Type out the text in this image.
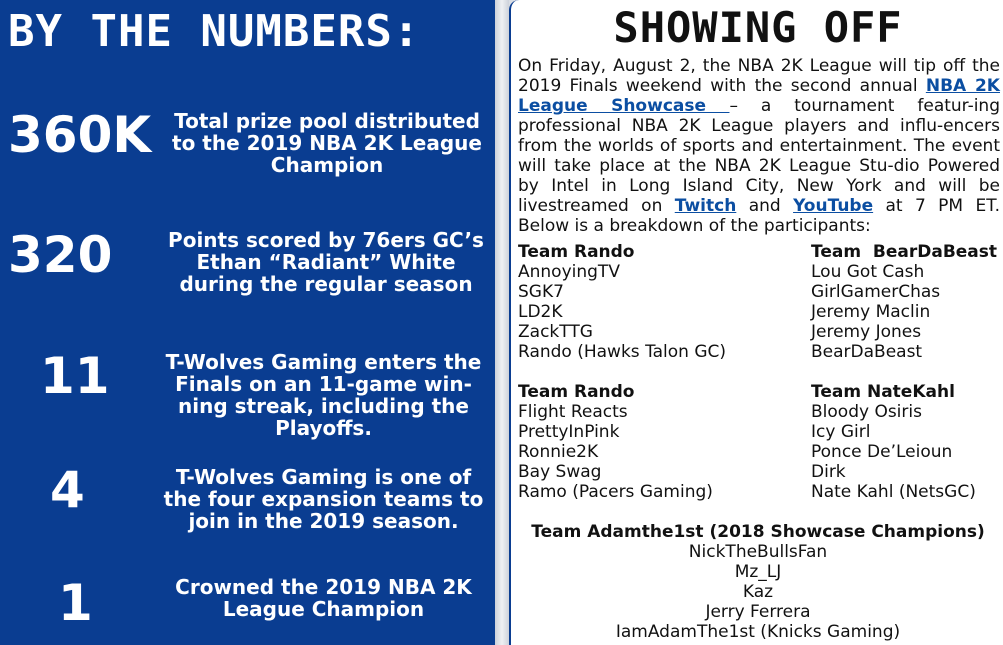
BY THE NUMBERS:
360K	Total prize pool distributed to the 2019 NBA 2K League Champion
320	Points scored by 76ers GC’s Ethan “Radiant” White during the regular season
11	T-Wolves Gaming enters the Finals on an 11-game win-ning streak, including the Playoffs.
4	T-Wolves Gaming is one of the four expansion teams to join in the 2019 season.
1	Crowned the 2019 NBA 2K League Champion
SHOWING OFF
On Friday, August 2, the NBA 2K League will tip off the 2019 Finals weekend with the second annual NBA 2K League Showcase – a tournament featur-ing professional NBA 2K League players and influ-encers from the worlds of sports and entertainment. The event will take place at the NBA 2K League Stu-dio Powered by Intel in Long Island City, New York and will be livestreamed on Twitch and YouTube at 7 PM ET. Below is a breakdown of the participants:
Team Rando
AnnoyingTV
SGK7
LD2K
ZackTTG
Rando (Hawks Talon GC)
Team  BearDaBeast
Lou Got Cash
GirlGamerChas
Jeremy Maclin
Jeremy Jones
BearDaBeast
Team Rando
Flight Reacts
PrettyInPink
Ronnie2K
Bay Swag
Ramo (Pacers Gaming)
Team NateKahl
Bloody Osiris
Icy Girl
Ponce De’Leioun
Dirk
Nate Kahl (NetsGC)
Team Adamthe1st (2018 Showcase Champions)
NickTheBullsFan
Mz_LJ
Kaz
Jerry Ferrera
IamAdamThe1st (Knicks Gaming)
